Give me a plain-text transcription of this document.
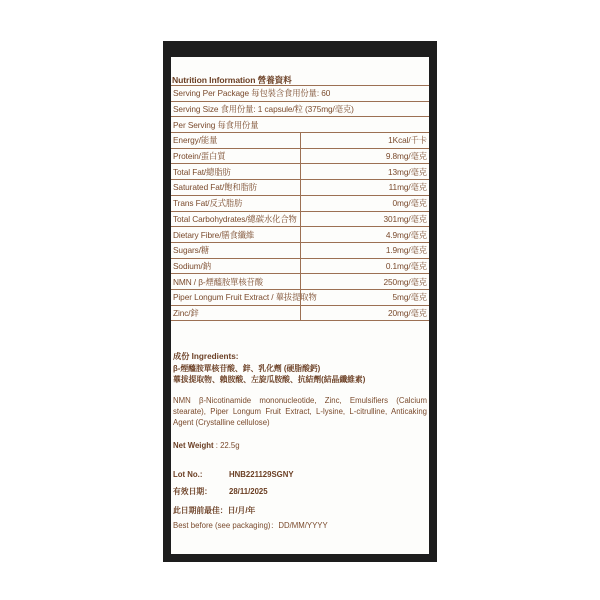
Nutrition Information 營養資料
Serving Per Package 每包裝含食用份量: 60	
Serving Size 食用份量: 1 capsule/粒 (375mg/毫克)	
Per Serving 每食用份量	
Energy/能量	1Kcal/千卡
Protein/蛋白質	9.8mg/毫克
Total Fat/總脂肪	13mg/毫克
Saturated Fat/飽和脂肪	11mg/毫克
Trans Fat/反式脂肪	0mg/毫克
Total Carbohydrates/總碳水化合物	301mg/毫克
Dietary Fibre/膳食纖維	4.9mg/毫克
Sugars/糖	1.9mg/毫克
Sodium/鈉	0.1mg/毫克
NMN / β-煙醯胺單核苷酸	250mg/毫克
Piper Longum Fruit Extract / 蓽拔提取物	5mg/毫克
Zinc/鋅	20mg/毫克
成份 Ingredients:
β-煙醯胺單核苷酸、鋅、乳化劑 (硬脂酸鈣)
蓽拔提取物、賴胺酸、左旋瓜胺酸、抗結劑(結晶纖維素)
NMN β-Nicotinamide mononucleotide, Zinc, Emulsifiers (Calcium stearate), Piper Longum Fruit Extract, L-lysine, L-citrulline, Anticaking Agent (Crystalline cellulose)
Net Weight : 22.5g
Lot No.:	HNB221129SGNY
有效日期：	28/11/2025
此日期前最佳：日/月/年
Best before (see packaging)：DD/MM/YYYY
